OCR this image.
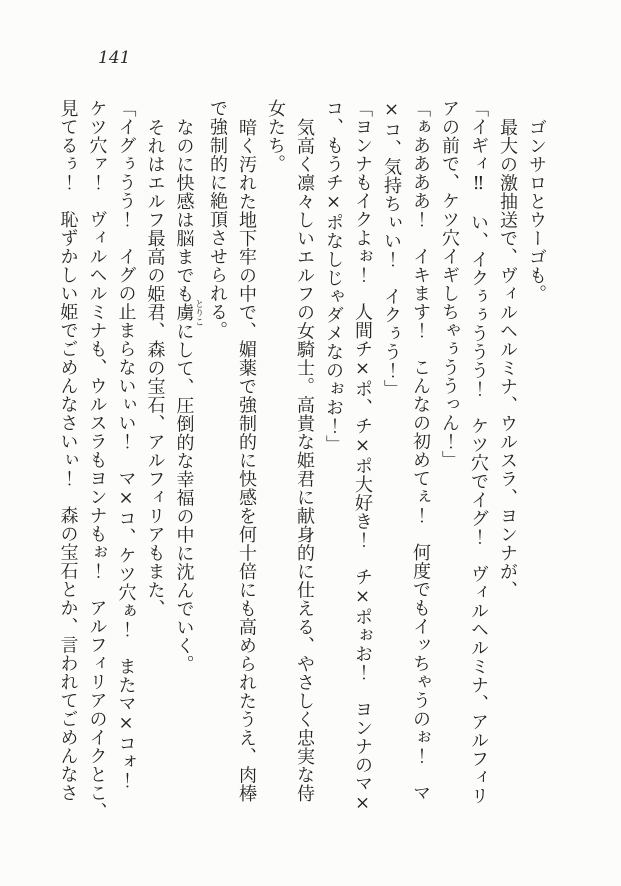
141
ゴンサロとウーゴも。
最大の激抽送で、ヴィルヘルミナ、ウルスラ、ヨンナが、
「イギィ‼　い、イクぅぅううう！　ケツ穴でイグ！　ヴィルヘルミナ、アルフィリ
アの前で、ケツ穴イギしちゃぅううっん！」
「ぁああああ！　イキます！　こんなの初めてぇ！　何度でもイッちゃうのぉ！　マ
×コ、気持ちぃい！　イクぅう！」
「ヨンナもイクよぉ！　人間チ×ポ、チ×ポ大好き！　チ×ポぉお！　ヨンナのマ×
コ、もうチ×ポなしじゃダメなのぉお！」
気高く凛々しいエルフの女騎士。高貴な姫君に献身的に仕える、やさしく忠実な侍
女たち。
暗く汚れた地下牢の中で、媚薬で強制的に快感を何十倍にも高められたうえ、肉棒
で強制的に絶頂させられる。
なのに快感は脳までも虜とりこにして、圧倒的な幸福の中に沈んでいく。
それはエルフ最高の姫君、森の宝石、アルフィリアもまた、
「イグぅうう！　イグの止まらないぃい！　マ×コ、ケツ穴ぁ！　またマ×コォ！
ケツ穴ァ！　ヴィルヘルミナも、ウルスラもヨンナもぉ！　アルフィリアのイクとこ、
見てるぅ！　恥ずかしい姫でごめんなさいぃ！　森の宝石とか、言われてごめんなさ
